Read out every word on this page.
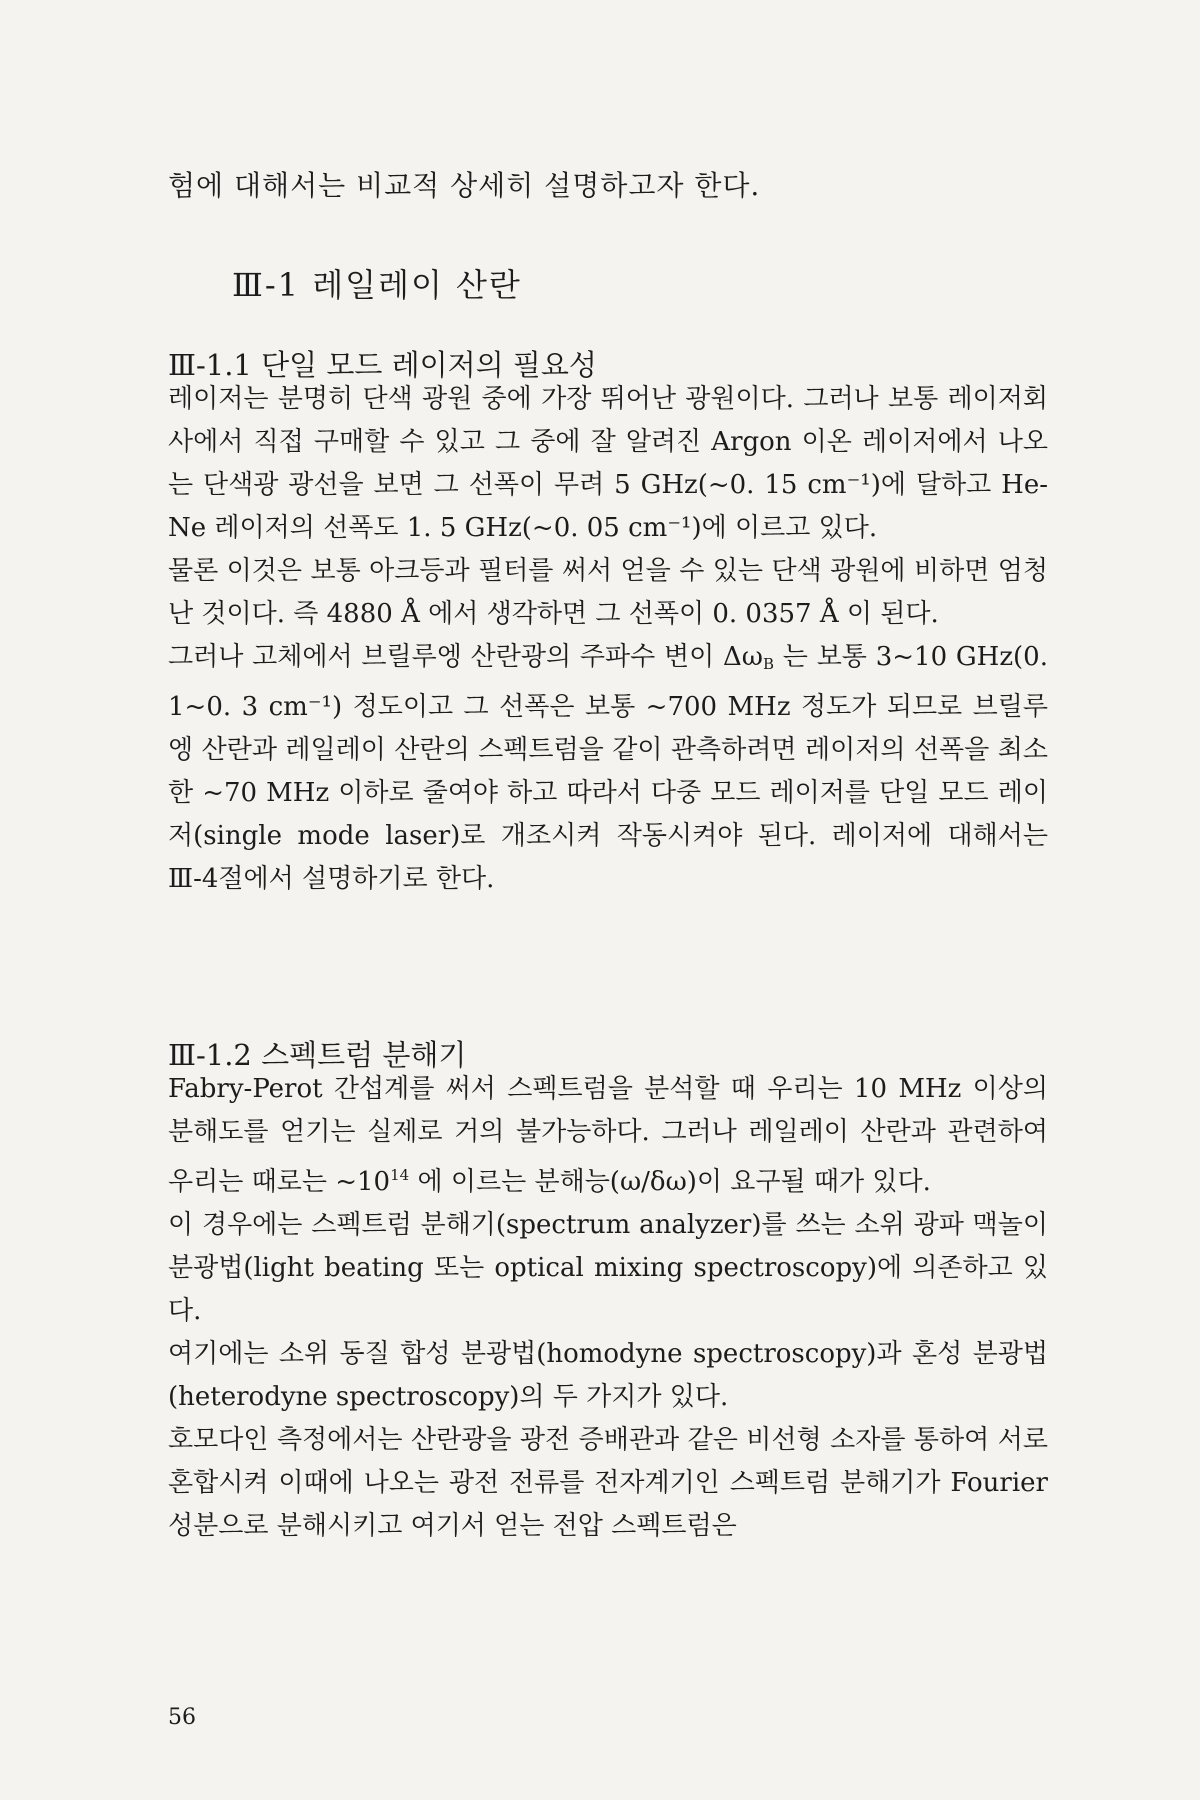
험에 대해서는 비교적 상세히 설명하고자 한다.
Ⅲ-1 레일레이 산란
Ⅲ-1.1 단일 모드 레이저의 필요성

레이저는 분명히 단색 광원 중에 가장 뛰어난 광원이다. 그러나 보통 레이저회사에서 직접 구매할 수 있고 그 중에 잘 알려진 Argon 이온 레이저에서 나오는 단색광 광선을 보면 그 선폭이 무려 5 GHz(~0. 15 cm⁻¹)에 달하고 He-Ne 레이저의 선폭도 1. 5 GHz(~0. 05 cm⁻¹)에 이르고 있다.

물론 이것은 보통 아크등과 필터를 써서 얻을 수 있는 단색 광원에 비하면 엄청난 것이다. 즉 4880 Å 에서 생각하면 그 선폭이 0. 0357 Å 이 된다.

그러나 고체에서 브릴루엥 산란광의 주파수 변이 $\Delta\omega_B$ 는 보통 3~10 GHz(0. 1~0. 3 cm⁻¹) 정도이고 그 선폭은 보통 ~700 MHz 정도가 되므로 브릴루엥 산란과 레일레이 산란의 스펙트럼을 같이 관측하려면 레이저의 선폭을 최소한 ~70 MHz 이하로 줄여야 하고 따라서 다중 모드 레이저를 단일 모드 레이저(single mode laser)로 개조시켜 작동시켜야 된다. 레이저에 대해서는 Ⅲ-4절에서 설명하기로 한다.

Ⅲ-1.2 스펙트럼 분해기

Fabry-Perot 간섭계를 써서 스펙트럼을 분석할 때 우리는 10 MHz 이상의 분해도를 얻기는 실제로 거의 불가능하다. 그러나 레일레이 산란과 관련하여 우리는 때로는 $\sim 10^{14}$ 에 이르는 분해능(ω/δω)이 요구될 때가 있다.

이 경우에는 스펙트럼 분해기(spectrum analyzer)를 쓰는 소위 광파 맥놀이 분광법(light beating 또는 optical mixing spectroscopy)에 의존하고 있다.

여기에는 소위 동질 합성 분광법(homodyne spectroscopy)과 혼성 분광법(heterodyne spectroscopy)의 두 가지가 있다.

호모다인 측정에서는 산란광을 광전 증배관과 같은 비선형 소자를 통하여 서로 혼합시켜 이때에 나오는 광전 전류를 전자계기인 스펙트럼 분해기가 Fourier 성분으로 분해시키고 여기서 얻는 전압 스펙트럼은

56
